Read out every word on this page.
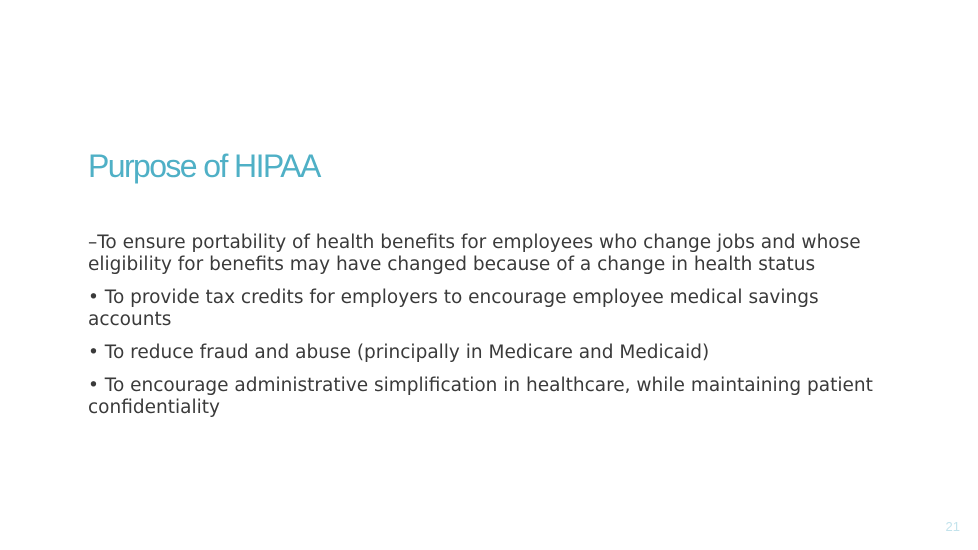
Purpose of HIPAA

–To ensure portability of health benefits for employees who change jobs and whose eligibility for benefits may have changed because of a change in health status

• To provide tax credits for employers to encourage employee medical savings accounts

• To reduce fraud and abuse (principally in Medicare and Medicaid)

• To encourage administrative simplification in healthcare, while maintaining patient confidentiality

21
